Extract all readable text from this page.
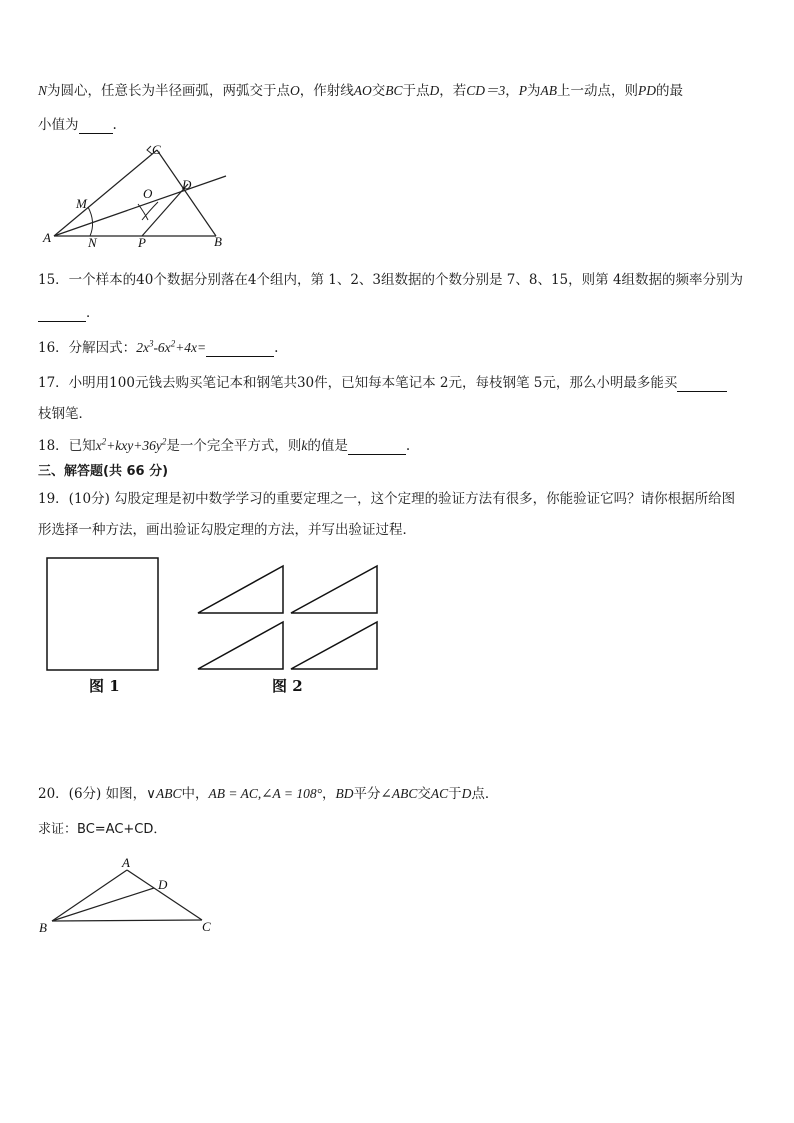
N为圆心，任意长为半径画弧，两弧交于点O，作射线AO交BC于点D，若CD＝3，P为AB上一动点，则PD的最
小值为	.
C
D
M
O
A	N	P	B
15．一个样本的40个数据分别落在4个组内，第 1、2、3组数据的个数分别是 7、8、15，则第 4组数据的频率分别为
．
16．分解因式：$2x^3-6x^2+4x=$	.
17．小明用100元钱去购买笔记本和钢笔共30件，已知每本笔记本 2元，每枝钢笔 5元，那么小明最多能买
枝钢笔．
18．已知$x^2+kxy+36y^2$是一个完全平方式，则k的值是	.
三、解答题(共 66 分)
19．(10分) 勾股定理是初中数学学习的重要定理之一，这个定理的验证方法有很多，你能验证它吗？请你根据所给图
形选择一种方法，画出验证勾股定理的方法，并写出验证过程．
图 1	图 2
20．(6分) 如图，∨ABC中，AB = AC,∠A = 108°，BD平分∠ABC交AC于D点．
求证：BC=AC+CD．
A
D
B	C
